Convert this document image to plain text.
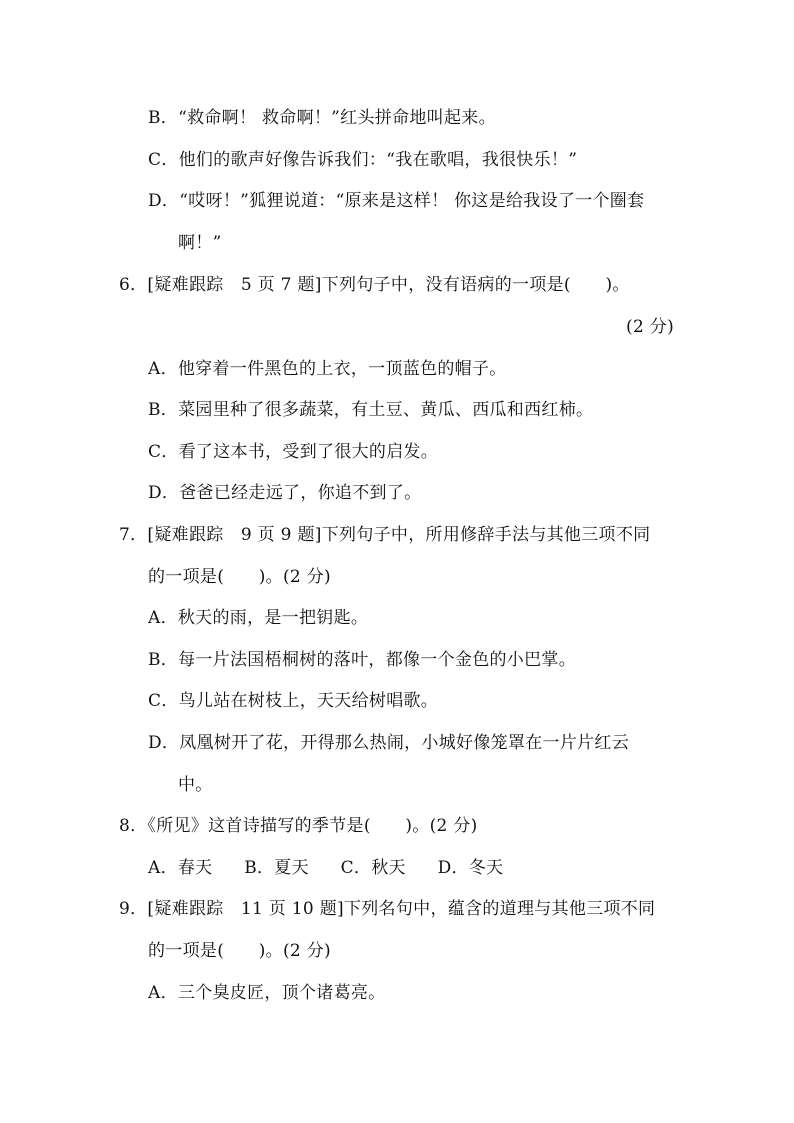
B．“救命啊！ 救命啊！”红头拼命地叫起来。
C．他们的歌声好像告诉我们：“我在歌唱，我很快乐！”
D．“哎呀！”狐狸说道：“原来是这样！ 你这是给我设了一个圈套
啊！”
6．[疑难跟踪　5 页 7 题]下列句子中，没有语病的一项是(　　)。
(2 分)
A．他穿着一件黑色的上衣，一顶蓝色的帽子。
B．菜园里种了很多蔬菜，有土豆、黄瓜、西瓜和西红柿。
C．看了这本书，受到了很大的启发。
D．爸爸已经走远了，你追不到了。
7．[疑难跟踪　9 页 9 题]下列句子中，所用修辞手法与其他三项不同
的一项是(　　)。(2 分)
A．秋天的雨，是一把钥匙。
B．每一片法国梧桐树的落叶，都像一个金色的小巴掌。
C．鸟儿站在树枝上，天天给树唱歌。
D．凤凰树开了花，开得那么热闹，小城好像笼罩在一片片红云
中。
8．《所见》这首诗描写的季节是(　　)。(2 分)
A．春天 B．夏天 C．秋天 D．冬天
9．[疑难跟踪　11 页 10 题]下列名句中，蕴含的道理与其他三项不同
的一项是(　　)。(2 分)
A．三个臭皮匠，顶个诸葛亮。
